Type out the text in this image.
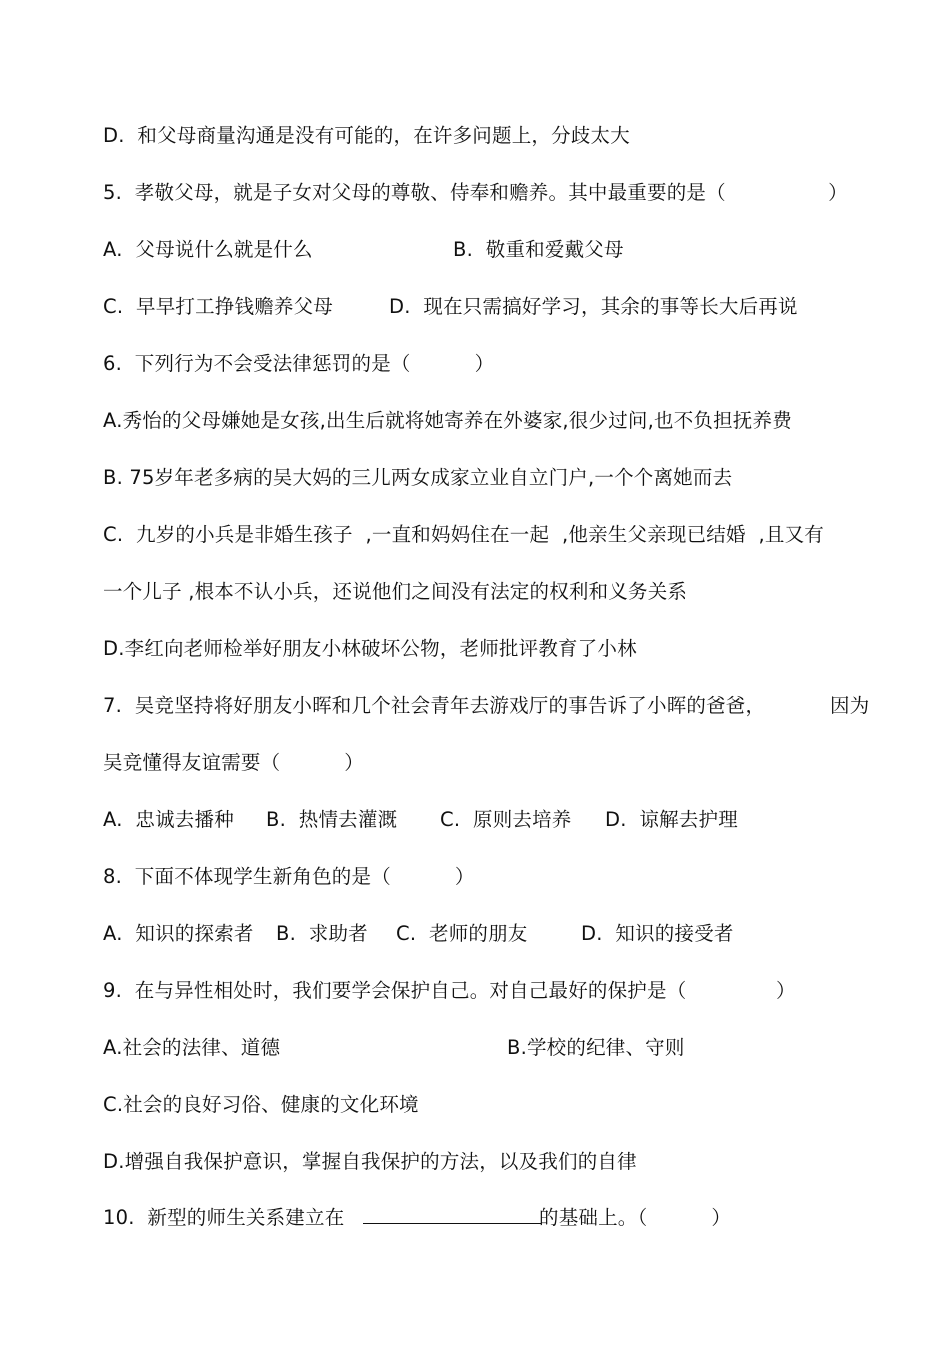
D.  和父母商量沟通是没有可能的，在许多问题上，分歧太大

5.  孝敬父母，就是子女对父母的尊敬、侍奉和赡养。其中最重要的是（                ）

A.  父母说什么就是什么

	B.  敬重和爱戴父母

C.  早早打工挣钱赡养父母

	D.  现在只需搞好学习，其余的事等长大后再说

6.  下列行为不会受法律惩罚的是（          ）

A.秀怡的父母嫌她是女孩,出生后就将她寄养在外婆家,很少过问,也不负担抚养费

B. 75岁年老多病的吴大妈的三儿两女成家立业自立门户,一个个离她而去

C.  九岁的小兵是非婚生孩子  ,一直和妈妈住在一起  ,他亲生父亲现已结婚  ,且又有

一个儿子 ,根本不认小兵，还说他们之间没有法定的权利和义务关系

D.李红向老师检举好朋友小林破坏公物，老师批评教育了小林

7.  吴竞坚持将好朋友小晖和几个社会青年去游戏厅的事告诉了小晖的爸爸，

	因为

吴竞懂得友谊需要（          ）

A.  忠诚去播种

B.  热情去灌溉

C.  原则去培养

D.  谅解去护理

8.  下面不体现学生新角色的是（          ）

A.  知识的探索者

B.  求助者

C.  老师的朋友

	D.  知识的接受者

9.  在与异性相处时，我们要学会保护自己。对自己最好的保护是（              ）

A.社会的法律、道德

	B.学校的纪律、守则

C.社会的良好习俗、健康的文化环境

D.增强自我保护意识，掌握自我保护的方法，以及我们的自律

10.  新型的师生关系建立在

	的基础上。（          ）
